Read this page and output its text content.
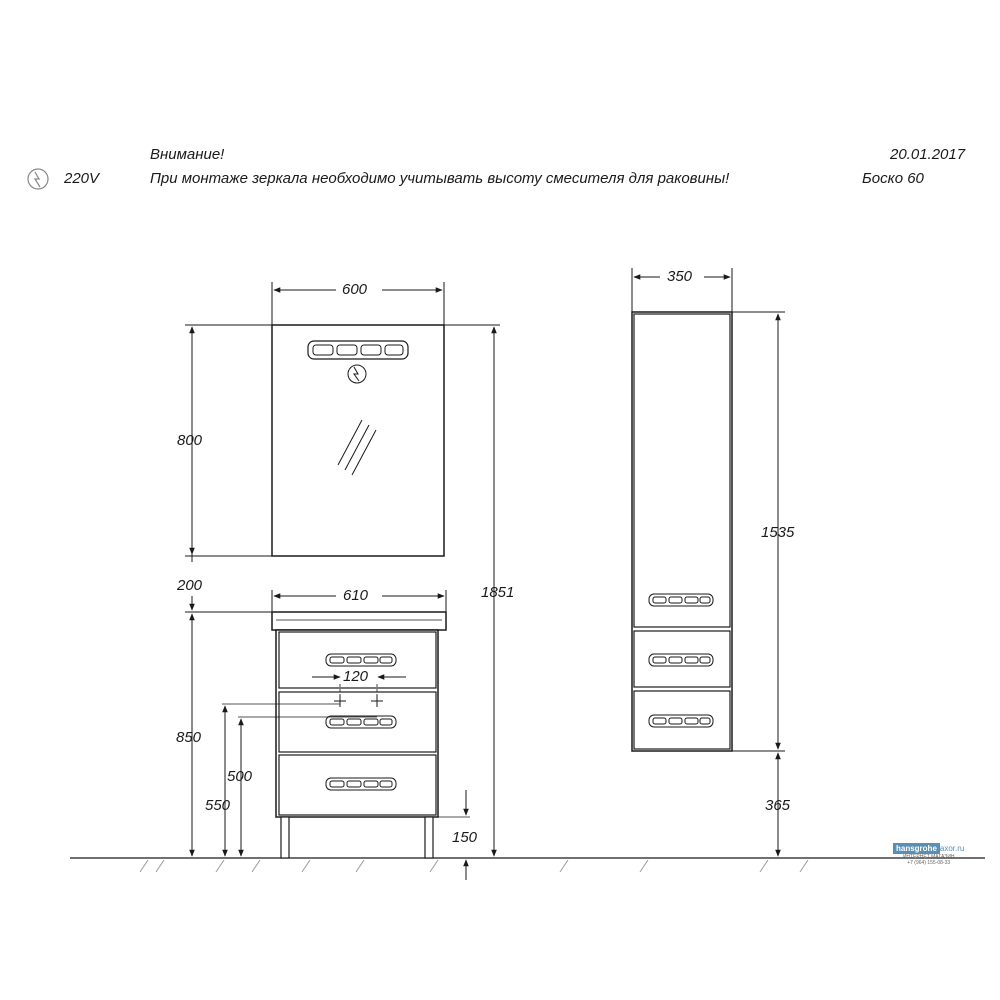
220V
Внимание!
При монтаже зеркала необходимо учитывать высоту смесителя для раковины!
20.01.2017
Боско 60
600
800
200
610	1851
120
850
500
550
150
350
1535
365
hansgrohe axor.ru
ИНТЕРНЕТ МАГАЗИН
+7 (964) 155-08-33
